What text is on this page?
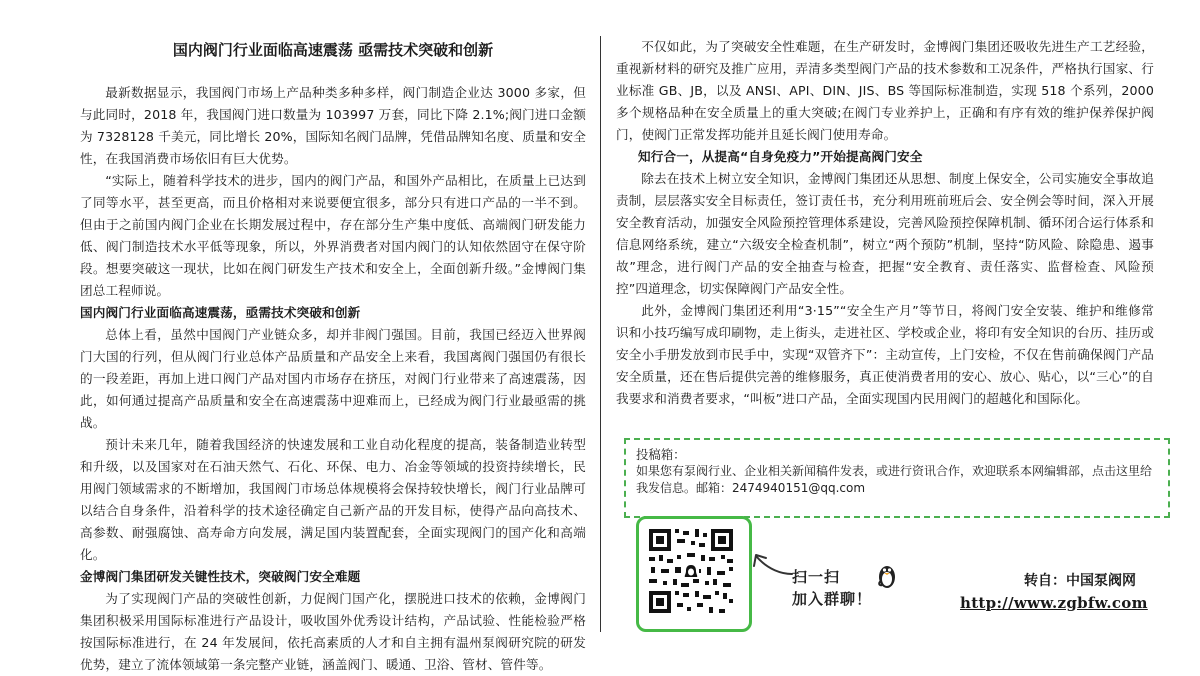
国内阀门行业面临高速震荡 亟需技术突破和创新

最新数据显示，我国阀门市场上产品种类多种多样，阀门制造企业达 3000 多家，但与此同时，2018 年，我国阀门进口数量为 103997 万套，同比下降 2.1%;阀门进口金额为 7328128 千美元，同比增长 20%，国际知名阀门品牌，凭借品牌知名度、质量和安全性，在我国消费市场依旧有巨大优势。

“实际上，随着科学技术的进步，国内的阀门产品，和国外产品相比，在质量上已达到了同等水平，甚至更高，而且价格相对来说要便宜很多，部分只有进口产品的一半不到。但由于之前国内阀门企业在长期发展过程中，存在部分生产集中度低、高端阀门研发能力低、阀门制造技术水平低等现象，所以，外界消费者对国内阀门的认知依然固守在保守阶段。想要突破这一现状，比如在阀门研发生产技术和安全上，全面创新升级。”金博阀门集团总工程师说。

国内阀门行业面临高速震荡，亟需技术突破和创新

总体上看，虽然中国阀门产业链众多，却并非阀门强国。目前，我国已经迈入世界阀门大国的行列，但从阀门行业总体产品质量和产品安全上来看，我国离阀门强国仍有很长的一段差距，再加上进口阀门产品对国内市场存在挤压，对阀门行业带来了高速震荡，因此，如何通过提高产品质量和安全在高速震荡中迎难而上，已经成为阀门行业最亟需的挑战。

预计未来几年，随着我国经济的快速发展和工业自动化程度的提高，装备制造业转型和升级，以及国家对在石油天然气、石化、环保、电力、冶金等领域的投资持续增长，民用阀门领域需求的不断增加，我国阀门市场总体规模将会保持较快增长，阀门行业品牌可以结合自身条件，沿着科学的技术途径确定自己新产品的开发目标，使得产品向高技术、高参数、耐强腐蚀、高寿命方向发展，满足国内装置配套，全面实现阀门的国产化和高端化。

金博阀门集团研发关键性技术，突破阀门安全难题

为了实现阀门产品的突破性创新，力促阀门国产化，摆脱进口技术的依赖，金博阀门集团积极采用国际标准进行产品设计，吸收国外优秀设计结构，产品试验、性能检验严格按国际标准进行，在 24 年发展间，依托高素质的人才和自主拥有温州泵阀研究院的研发优势，建立了流体领域第一条完整产业链，涵盖阀门、暖通、卫浴、管材、管件等。

不仅如此，为了突破安全性难题，在生产研发时，金博阀门集团还吸收先进生产工艺经验，重视新材料的研究及推广应用，弄清多类型阀门产品的技术参数和工况条件，严格执行国家、行业标准 GB、JB，以及 ANSI、API、DIN、JIS、BS 等国际标准制造，实现 518 个系列，2000 多个规格品种在安全质量上的重大突破;在阀门专业养护上，正确和有序有效的维护保养保护阀门，使阀门正常发挥功能并且延长阀门使用寿命。

知行合一，从提高“自身免疫力”开始提高阀门安全

除去在技术上树立安全知识，金博阀门集团还从思想、制度上保安全，公司实施安全事故追责制，层层落实安全目标责任，签订责任书，充分利用班前班后会、安全例会等时间，深入开展安全教育活动，加强安全风险预控管理体系建设，完善风险预控保障机制、循环闭合运行体系和信息网络系统，建立“六级安全检查机制”，树立“两个预防”机制，坚持“防风险、除隐患、遏事故”理念，进行阀门产品的安全抽查与检查，把握“安全教育、责任落实、监督检查、风险预控”四道理念，切实保障阀门产品安全性。

此外，金博阀门集团还利用“3·15”“安全生产月”等节日，将阀门安全安装、维护和维修常识和小技巧编写成印刷物，走上街头，走进社区、学校或企业，将印有安全知识的台历、挂历或安全小手册发放到市民手中，实现“双管齐下”：主动宣传，上门安检，不仅在售前确保阀门产品安全质量，还在售后提供完善的维修服务，真正使消费者用的安心、放心、贴心，以“三心”的自我要求和消费者要求，“叫板”进口产品，全面实现国内民用阀门的超越化和国际化。

投稿箱：
如果您有泵阀行业、企业相关新闻稿件发表，或进行资讯合作，欢迎联系本网编辑部，点击这里给我发信息。邮箱：2474940151@qq.com
扫一扫
加入群聊！
转自：中国泵阀网
http://www.zgbfw.com
